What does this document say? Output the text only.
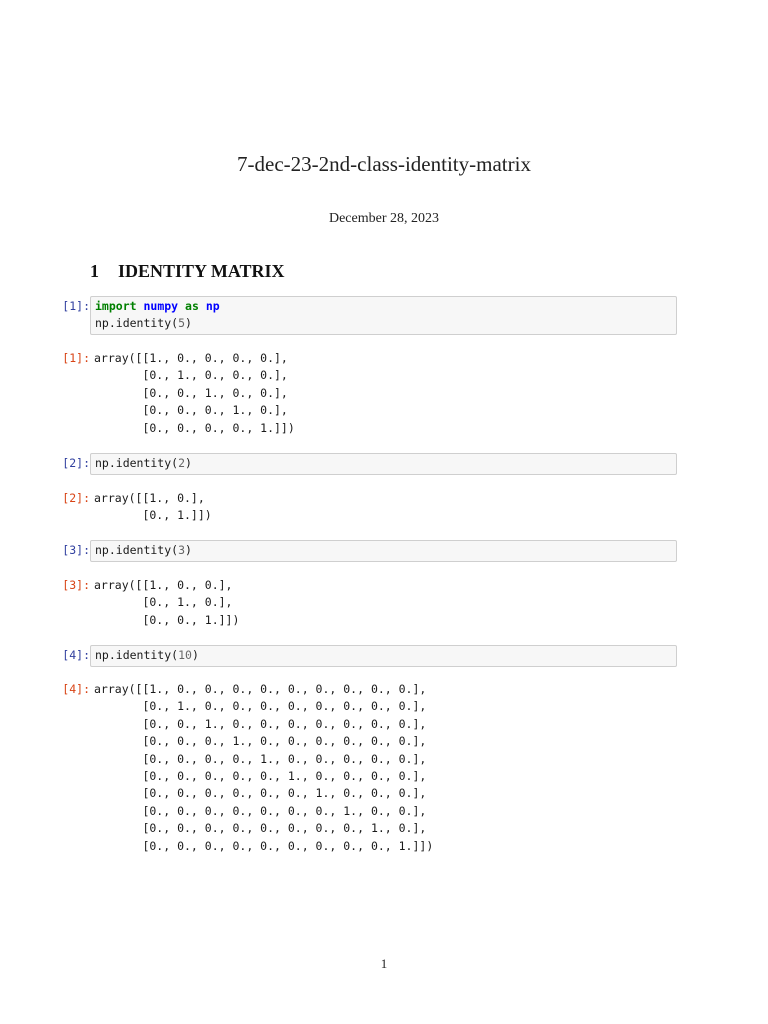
7-dec-23-2nd-class-identity-matrix
December 28, 2023
1 IDENTITY MATRIX
[1]: import numpy as np
np.identity(5)
[1]: array([[1., 0., 0., 0., 0.],
[0., 1., 0., 0., 0.],
[0., 0., 1., 0., 0.],
[0., 0., 0., 1., 0.],
[0., 0., 0., 0., 1.]])
[2]: np.identity(2)
[2]: array([[1., 0.],
[0., 1.]])
[3]: np.identity(3)
[3]: array([[1., 0., 0.],
[0., 1., 0.],
[0., 0., 1.]])
[4]: np.identity(10)
[4]: array([[1., 0., 0., 0., 0., 0., 0., 0., 0., 0.],
[0., 1., 0., 0., 0., 0., 0., 0., 0., 0.],
[0., 0., 1., 0., 0., 0., 0., 0., 0., 0.],
[0., 0., 0., 1., 0., 0., 0., 0., 0., 0.],
[0., 0., 0., 0., 1., 0., 0., 0., 0., 0.],
[0., 0., 0., 0., 0., 1., 0., 0., 0., 0.],
[0., 0., 0., 0., 0., 0., 1., 0., 0., 0.],
[0., 0., 0., 0., 0., 0., 0., 1., 0., 0.],
[0., 0., 0., 0., 0., 0., 0., 0., 1., 0.],
[0., 0., 0., 0., 0., 0., 0., 0., 0., 1.]])
1
